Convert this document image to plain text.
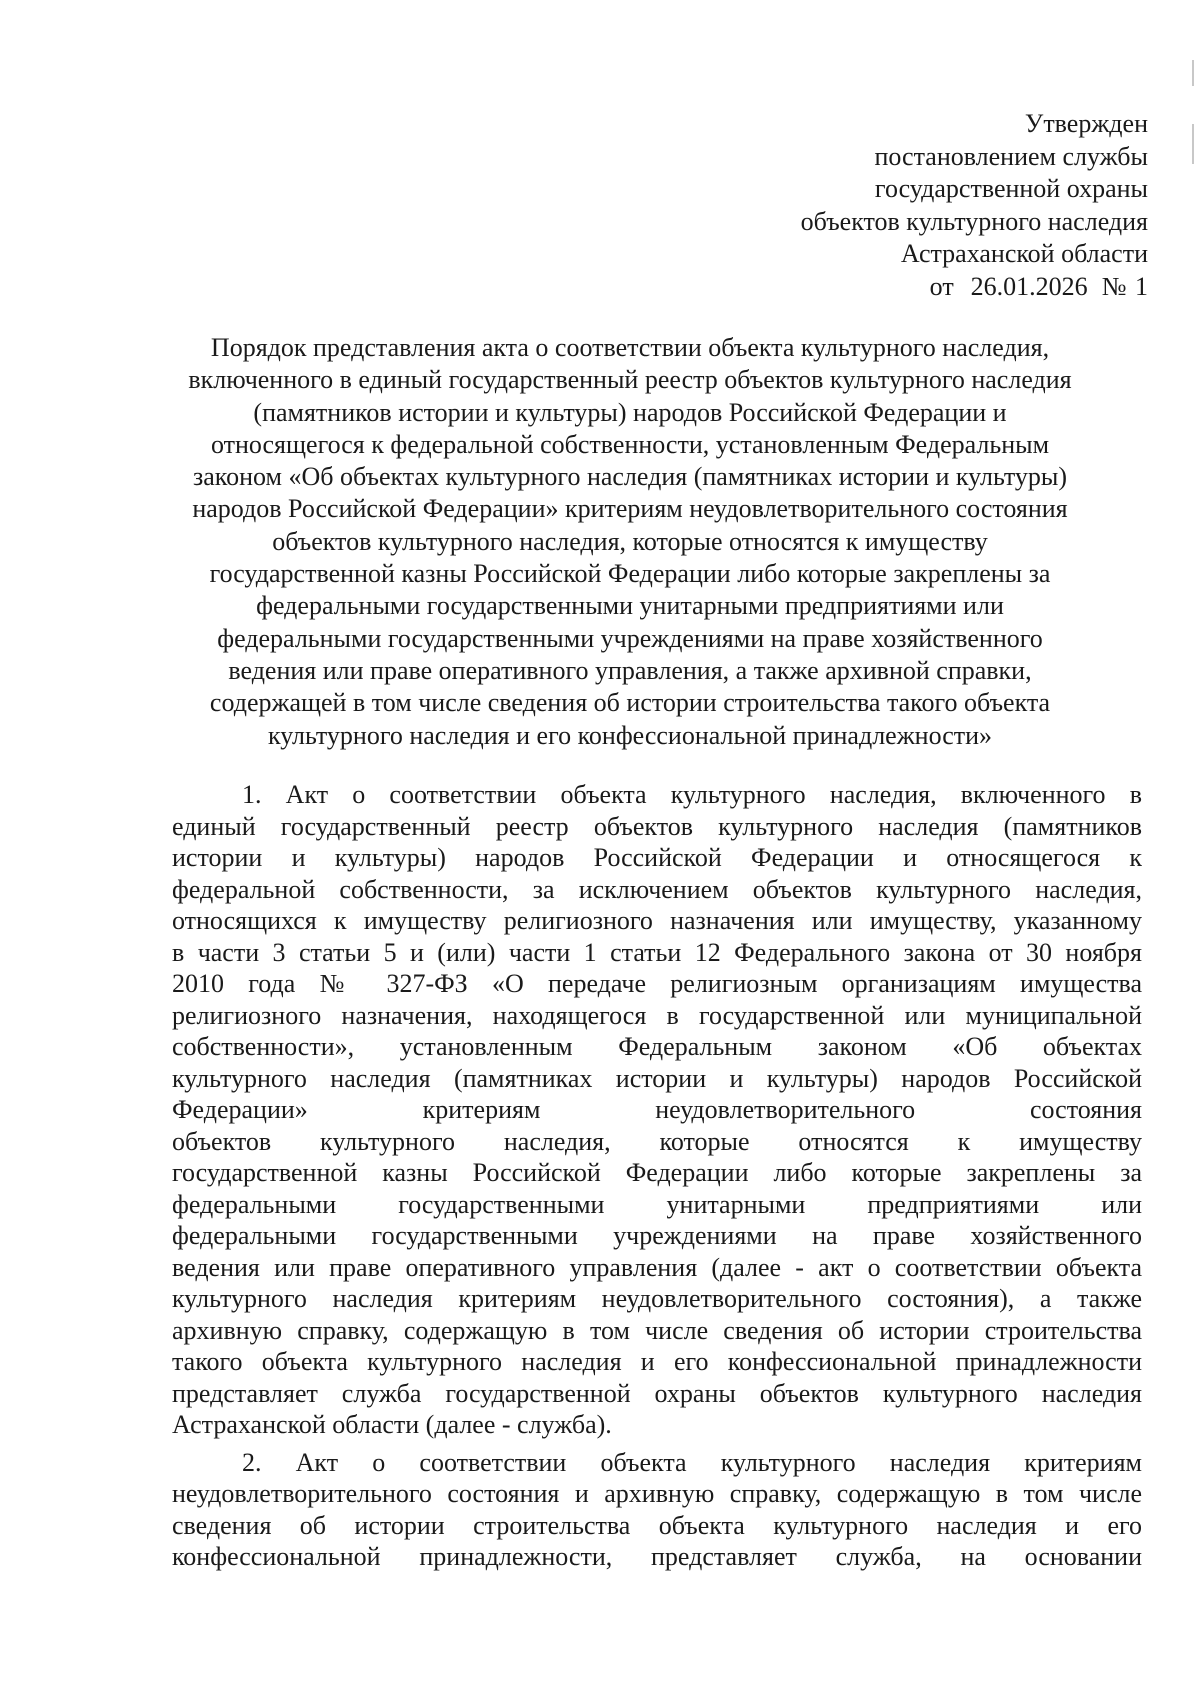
Утвержден
постановлением службы
государственной охраны
объектов культурного наследия
Астраханской области
от  26.01.2026 № 1
Порядок представления акта о соответствии объекта культурного наследия,
включенного в единый государственный реестр объектов культурного наследия
(памятников истории и культуры) народов Российской Федерации и
относящегося к федеральной собственности, установленным Федеральным
законом «Об объектах культурного наследия (памятниках истории и культуры)
народов Российской Федерации» критериям неудовлетворительного состояния
объектов культурного наследия, которые относятся к имуществу
государственной казны Российской Федерации либо которые закреплены за
федеральными государственными унитарными предприятиями или
федеральными государственными учреждениями на праве хозяйственного
ведения или праве оперативного управления, а также архивной справки,
содержащей в том числе сведения об истории строительства такого объекта
культурного наследия и его конфессиональной принадлежности»
1. Акт о соответствии объекта культурного наследия, включенного в
единый государственный реестр объектов культурного наследия (памятников
истории и культуры) народов Российской Федерации и относящегося к
федеральной собственности, за исключением объектов культурного наследия,
относящихся к имуществу религиозного назначения или имуществу, указанному
в части 3 статьи 5 и (или) части 1 статьи 12 Федерального закона от 30 ноября
2010 года № 327-ФЗ «О передаче религиозным организациям имущества
религиозного назначения, находящегося в государственной или муниципальной
собственности», установленным Федеральным законом «Об объектах
культурного наследия (памятниках истории и культуры) народов Российской
Федерации» критериям неудовлетворительного состояния
объектов культурного наследия, которые относятся к имуществу
государственной казны Российской Федерации либо которые закреплены за
федеральными государственными унитарными предприятиями или
федеральными государственными учреждениями на праве хозяйственного
ведения или праве оперативного управления (далее - акт о соответствии объекта
культурного наследия критериям неудовлетворительного состояния), а также
архивную справку, содержащую в том числе сведения об истории строительства
такого объекта культурного наследия и его конфессиональной принадлежности
представляет служба государственной охраны объектов культурного наследия
Астраханской области (далее - служба).
2. Акт о соответствии объекта культурного наследия критериям
неудовлетворительного состояния и архивную справку, содержащую в том числе
сведения об истории строительства объекта культурного наследия и его
конфессиональной принадлежности, представляет служба, на основании
